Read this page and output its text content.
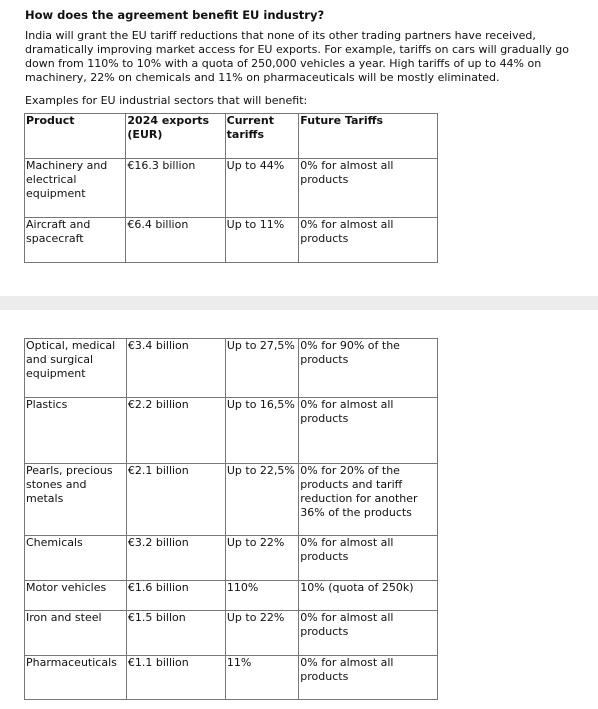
How does the agreement benefit EU industry?
India will grant the EU tariff reductions that none of its other trading partners have received, dramatically improving market access for EU exports. For example, tariffs on cars will gradually go down from 110% to 10% with a quota of 250,000 vehicles a year. High tariffs of up to 44% on machinery, 22% on chemicals and 11% on pharmaceuticals will be mostly eliminated.
Examples for EU industrial sectors that will benefit:
Product	2024 exports (EUR)	Current tariffs	Future Tariffs
Machinery and electrical equipment	€16.3 billion	Up to 44%	0% for almost all products
Aircraft and spacecraft	€6.4 billion	Up to 11%	0% for almost all products
Optical, medical and surgical equipment	€3.4 billion	Up to 27,5%	0% for 90% of the products
Plastics	€2.2 billion	Up to 16,5%	0% for almost all products
Pearls, precious stones and metals	€2.1 billion	Up to 22,5%	0% for 20% of the products and tariff reduction for another 36% of the products
Chemicals	€3.2 billion	Up to 22%	0% for almost all products
Motor vehicles	€1.6 billion	110%	10% (quota of 250k)
Iron and steel	€1.5 billon	Up to 22%	0% for almost all products
Pharmaceuticals	€1.1 billion	11%	0% for almost all products
